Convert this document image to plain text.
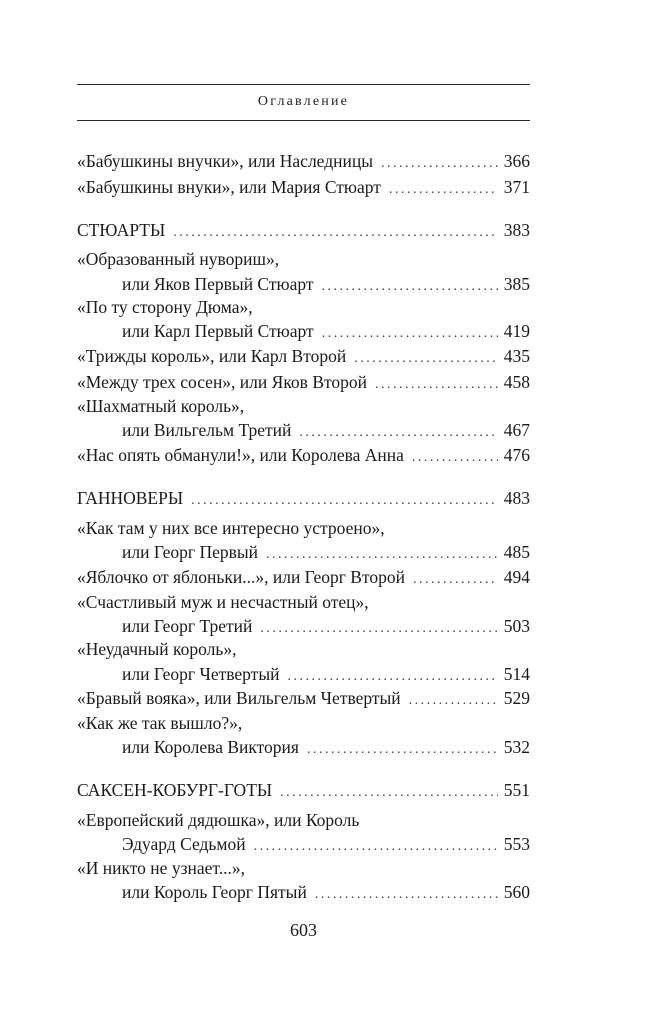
Оглавление
«Бабушкины внучки», или Наследницы . . .	366
«Бабушкины внуки», или Мария Стюарт . . .	371
СТЮАРТЫ . . .	383
«Образованный нувориш»,
или Яков Первый Стюарт . . .	385
«По ту сторону Дюма»,
или Карл Первый Стюарт . . .	419
«Трижды король», или Карл Второй . . .	435
«Между трех сосен», или Яков Второй . . .	458
«Шахматный король»,
или Вильгельм Третий . . .	467
«Нас опять обманули!», или Королева Анна . . .	476
ГАННОВЕРЫ . . .	483
«Как там у них все интересно устроено»,
или Георг Первый . . .	485
«Яблочко от яблоньки...», или Георг Второй . . .	494
«Счастливый муж и несчастный отец»,
или Георг Третий . . .	503
«Неудачный король»,
или Георг Четвертый . . .	514
«Бравый вояка», или Вильгельм Четвертый . . .	529
«Как же так вышло?»,
или Королева Виктория . . .	532
САКСЕН-КОБУРГ-ГОТЫ . . .	551
«Европейский дядюшка», или Король
Эдуард Седьмой . . .	553
«И никто не узнает...»,
или Король Георг Пятый . . .	560
603
